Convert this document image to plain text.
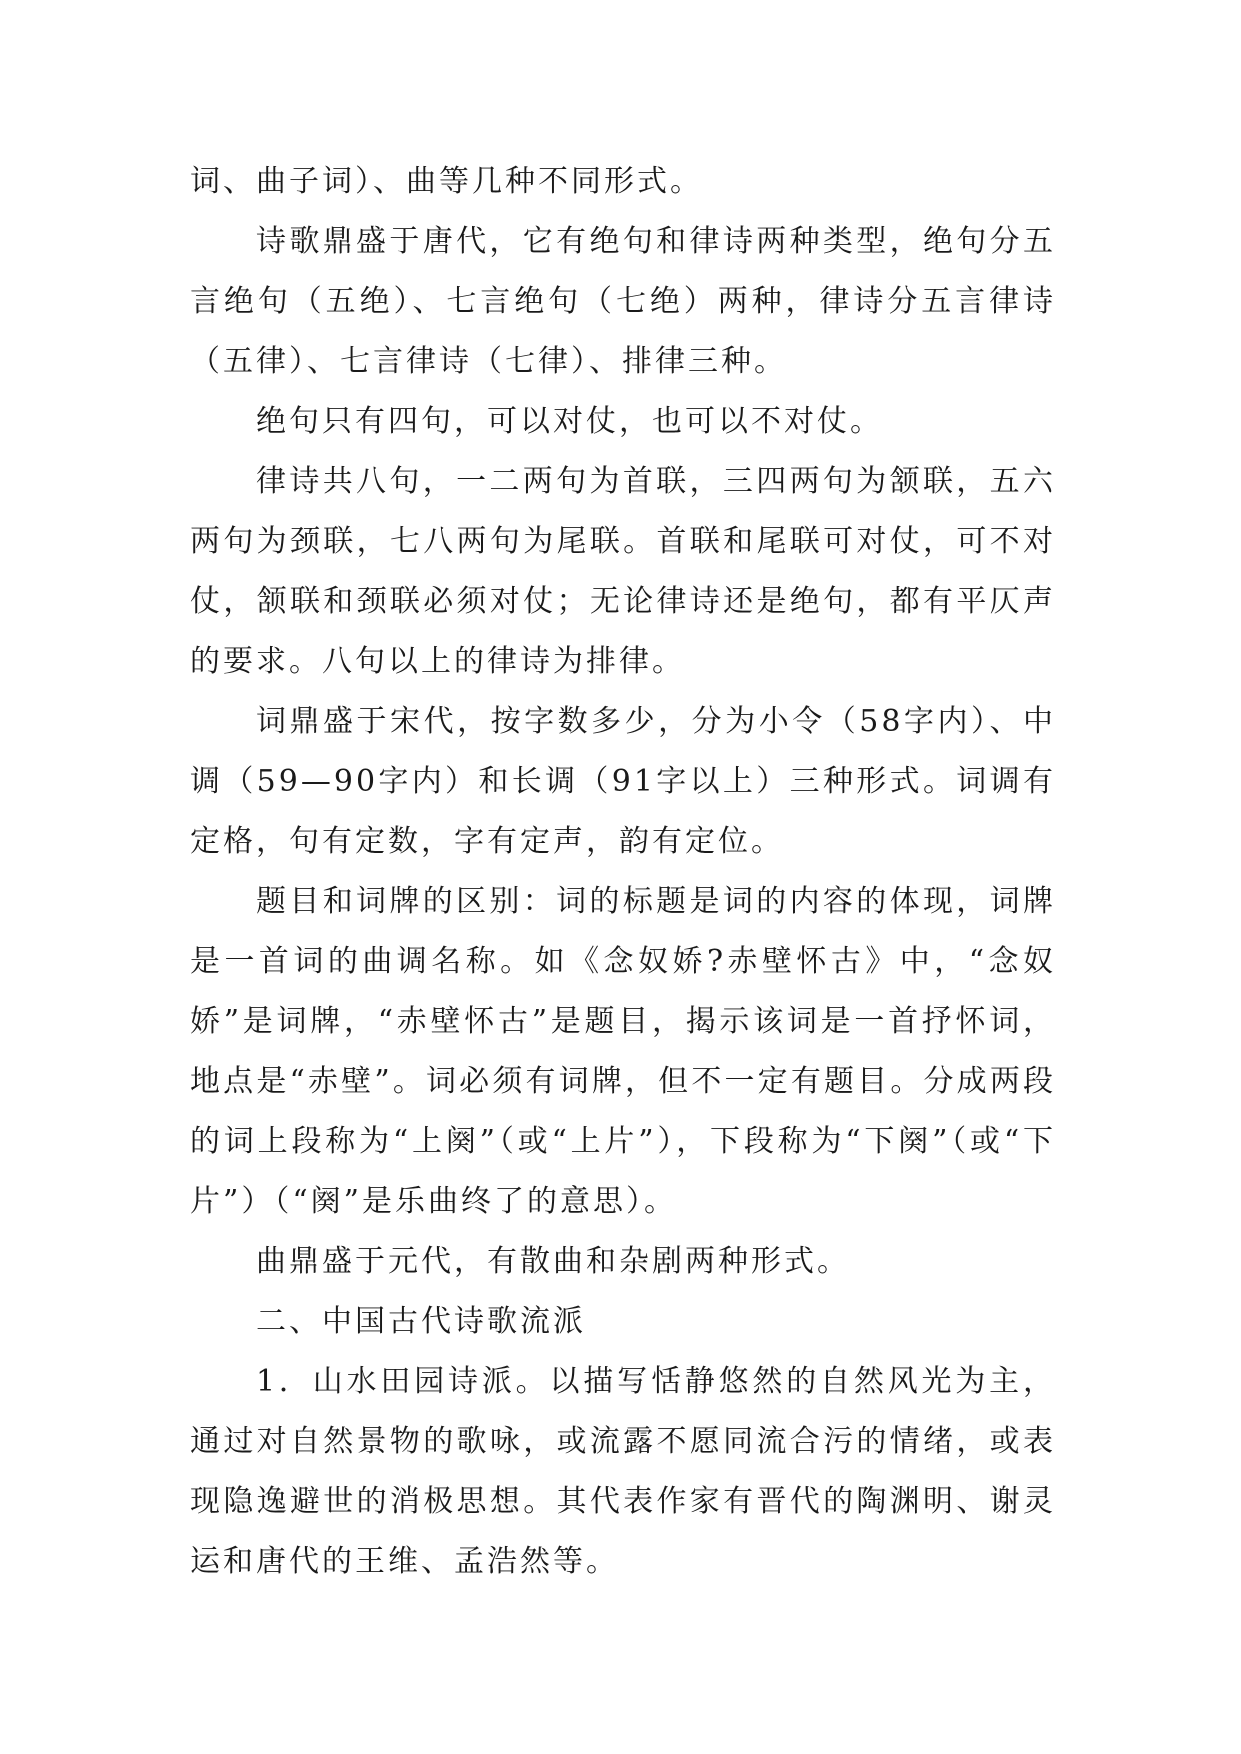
词、曲子词）、曲等几种不同形式。

诗歌鼎盛于唐代，它有绝句和律诗两种类型，绝句分五言绝句（五绝）、七言绝句（七绝）两种，律诗分五言律诗（五律）、七言律诗（七律）、排律三种。

绝句只有四句，可以对仗，也可以不对仗。

律诗共八句，一二两句为首联，三四两句为颔联，五六两句为颈联，七八两句为尾联。首联和尾联可对仗，可不对仗，颔联和颈联必须对仗；无论律诗还是绝句，都有平仄声的要求。八句以上的律诗为排律。

词鼎盛于宋代，按字数多少，分为小令（58字内）、中调（59—90字内）和长调（91字以上）三种形式。词调有定格，句有定数，字有定声，韵有定位。

题目和词牌的区别：词的标题是词的内容的体现，词牌是一首词的曲调名称。如《念奴娇?赤壁怀古》中，“念奴娇”是词牌，“赤壁怀古”是题目，揭示该词是一首抒怀词，地点是“赤壁”。词必须有词牌，但不一定有题目。分成两段的词上段称为“上阕”（或“上片”），下段称为“下阕”（或“下片”）（“阕”是乐曲终了的意思）。

曲鼎盛于元代，有散曲和杂剧两种形式。

二、中国古代诗歌流派

1．山水田园诗派。以描写恬静悠然的自然风光为主，通过对自然景物的歌咏，或流露不愿同流合污的情绪，或表现隐逸避世的消极思想。其代表作家有晋代的陶渊明、谢灵运和唐代的王维、孟浩然等。
